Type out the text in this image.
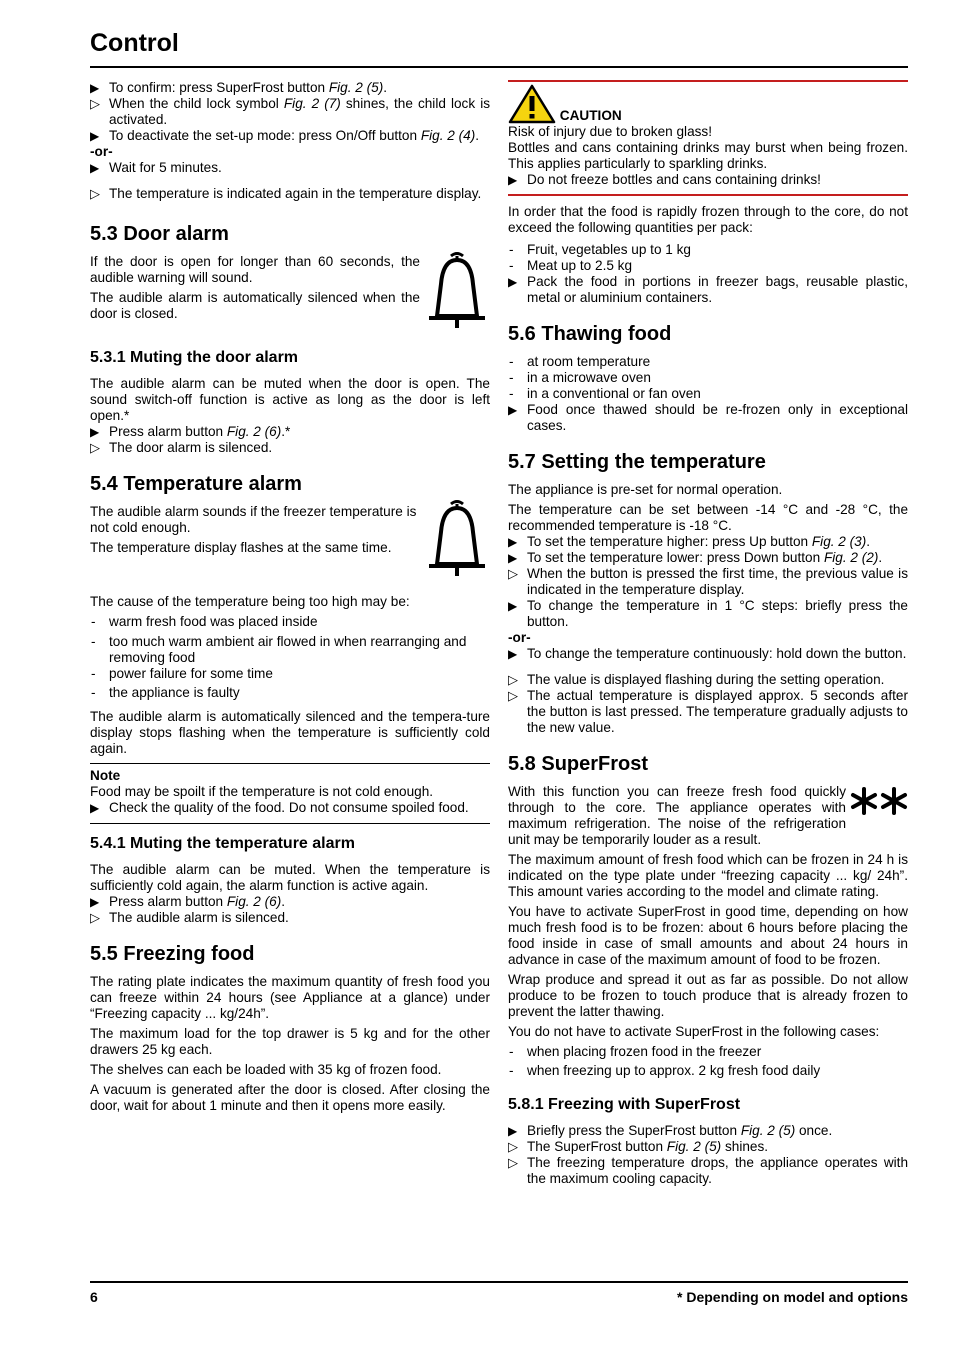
Control
▶ To confirm: press SuperFrost button Fig. 2 (5).
▷ When the child lock symbol Fig. 2 (7) shines, the child lock is activated.
▶ To deactivate the set-up mode: press On/Off button Fig. 2 (4).
-or-
▶ Wait for 5 minutes.
▷ The temperature is indicated again in the temperature display.
5.3 Door alarm

If the door is open for longer than 60 seconds, the audible warning will sound.

The audible alarm is automatically silenced when the door is closed.

5.3.1 Muting the door alarm

The audible alarm can be muted when the door is open. The sound switch-off function is active as long as the door is left open.*

▶ Press alarm button Fig. 2 (6).*
▷ The door alarm is silenced.
5.4 Temperature alarm

The audible alarm sounds if the freezer temperature is not cold enough.

The temperature display flashes at the same time.

The cause of the temperature being too high may be:

- warm fresh food was placed inside
- too much warm ambient air flowed in when rearranging and removing food
- power failure for some time
- the appliance is faulty

The audible alarm is automatically silenced and the tempera-ture display stops flashing when the temperature is sufficiently cold again.

Note
Food may be spoilt if the temperature is not cold enough.
▶ Check the quality of the food. Do not consume spoiled food.
5.4.1 Muting the temperature alarm

The audible alarm can be muted. When the temperature is sufficiently cold again, the alarm function is active again.

▶ Press alarm button Fig. 2 (6).
▷ The audible alarm is silenced.
5.5 Freezing food

The rating plate indicates the maximum quantity of fresh food you can freeze within 24 hours (see Appliance at a glance) under “Freezing capacity ... kg/24h”.

The maximum load for the top drawer is 5 kg and for the other drawers 25 kg each.

The shelves can each be loaded with 35 kg of frozen food.

A vacuum is generated after the door is closed. After closing the door, wait for about 1 minute and then it opens more easily.

CAUTION
Risk of injury due to broken glass!
Bottles and cans containing drinks may burst when being frozen. This applies particularly to sparkling drinks.
▶ Do not freeze bottles and cans containing drinks!

In order that the food is rapidly frozen through to the core, do not exceed the following quantities per pack:

- Fruit, vegetables up to 1 kg
- Meat up to 2.5 kg
▶ Pack the food in portions in freezer bags, reusable plastic, metal or aluminium containers.
5.6 Thawing food
- at room temperature
- in a microwave oven
- in a conventional or fan oven
▶ Food once thawed should be re-frozen only in exceptional cases.
5.7 Setting the temperature

The appliance is pre-set for normal operation.

The temperature can be set between -14 °C and -28 °C, the recommended temperature is -18 °C.

▶ To set the temperature higher: press Up button Fig. 2 (3).
▶ To set the temperature lower: press Down button Fig. 2 (2).
▷ When the button is pressed the first time, the previous value is indicated in the temperature display.
▶ To change the temperature in 1 °C steps: briefly press the button.
-or-
▶ To change the temperature continuously: hold down the button.
▷ The value is displayed flashing during the setting operation.
▷ The actual temperature is displayed approx. 5 seconds after the button is last pressed. The temperature gradually adjusts to the new value.
5.8 SuperFrost

With this function you can freeze fresh food quickly through to the core. The appliance operates with maximum refrigeration. The noise of the refrigeration unit may be temporarily louder as a result.

The maximum amount of fresh food which can be frozen in 24 h is indicated on the type plate under “freezing capacity ... kg/ 24h”. This amount varies according to the model and climate rating.

You have to activate SuperFrost in good time, depending on how much fresh food is to be frozen: about 6 hours before placing the food inside in case of small amounts and about 24 hours in advance in case of the maximum amount of food to be frozen.

Wrap produce and spread it out as far as possible. Do not allow produce to be frozen to touch produce that is already frozen to prevent the latter thawing.

You do not have to activate SuperFrost in the following cases:

- when placing frozen food in the freezer
- when freezing up to approx. 2 kg fresh food daily
5.8.1 Freezing with SuperFrost
▶ Briefly press the SuperFrost button Fig. 2 (5) once.
▷ The SuperFrost button Fig. 2 (5) shines.
▷ The freezing temperature drops, the appliance operates with the maximum cooling capacity.
6	* Depending on model and options
